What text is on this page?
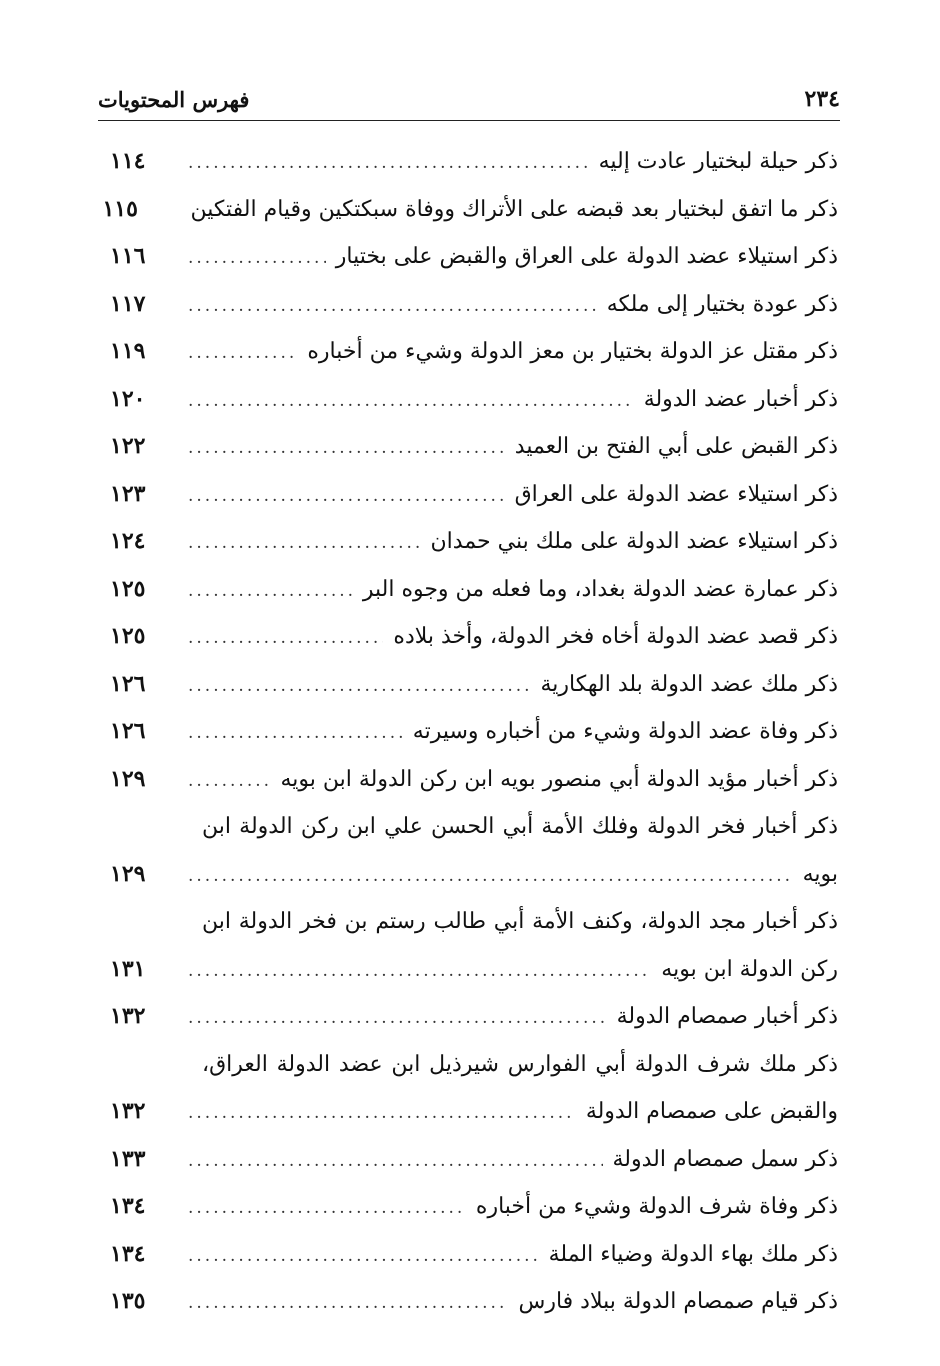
٢٣٤
فهرس المحتويات
ذكر حيلة لبختيار عادت إليه
.....
١١٤
ذكر ما اتفق لبختيار بعد قبضه على الأتراك ووفاة سبكتكين وقيام الفتكين
١١٥
ذكر استيلاء عضد الدولة على العراق والقبض على بختيار
.....
١١٦
ذكر عودة بختيار إلى ملكه
.....
١١٧
ذكر مقتل عز الدولة بختيار بن معز الدولة وشيء من أخباره
.....
١١٩
ذكر أخبار عضد الدولة
.....
١٢٠
ذكر القبض على أبي الفتح بن العميد
.....
١٢٢
ذكر استيلاء عضد الدولة على العراق
.....
١٢٣
ذكر استيلاء عضد الدولة على ملك بني حمدان
.....
١٢٤
ذكر عمارة عضد الدولة بغداد، وما فعله من وجوه البر
.....
١٢٥
ذكر قصد عضد الدولة أخاه فخر الدولة، وأخذ بلاده
.....
١٢٥
ذكر ملك عضد الدولة بلد الهكارية
.....
١٢٦
ذكر وفاة عضد الدولة وشيء من أخباره وسيرته
.....
١٢٦
ذكر أخبار مؤيد الدولة أبي منصور بويه ابن ركن الدولة ابن بويه
.....
١٢٩
ذكر أخبار فخر الدولة وفلك الأمة أبي الحسن علي ابن ركن الدولة ابن
بويه
.....
١٢٩
ذكر أخبار مجد الدولة، وكنف الأمة أبي طالب رستم بن فخر الدولة ابن
ركن الدولة ابن بويه
.....
١٣١
ذكر أخبار صمصام الدولة
.....
١٣٢
ذكر ملك شرف الدولة أبي الفوارس شيرذيل ابن عضد الدولة العراق،
والقبض على صمصام الدولة
.....
١٣٢
ذكر سمل صمصام الدولة
.....
١٣٣
ذكر وفاة شرف الدولة وشيء من أخباره
.....
١٣٤
ذكر ملك بهاء الدولة وضياء الملة
.....
١٣٤
ذكر قيام صمصام الدولة ببلاد فارس
.....
١٣٥
